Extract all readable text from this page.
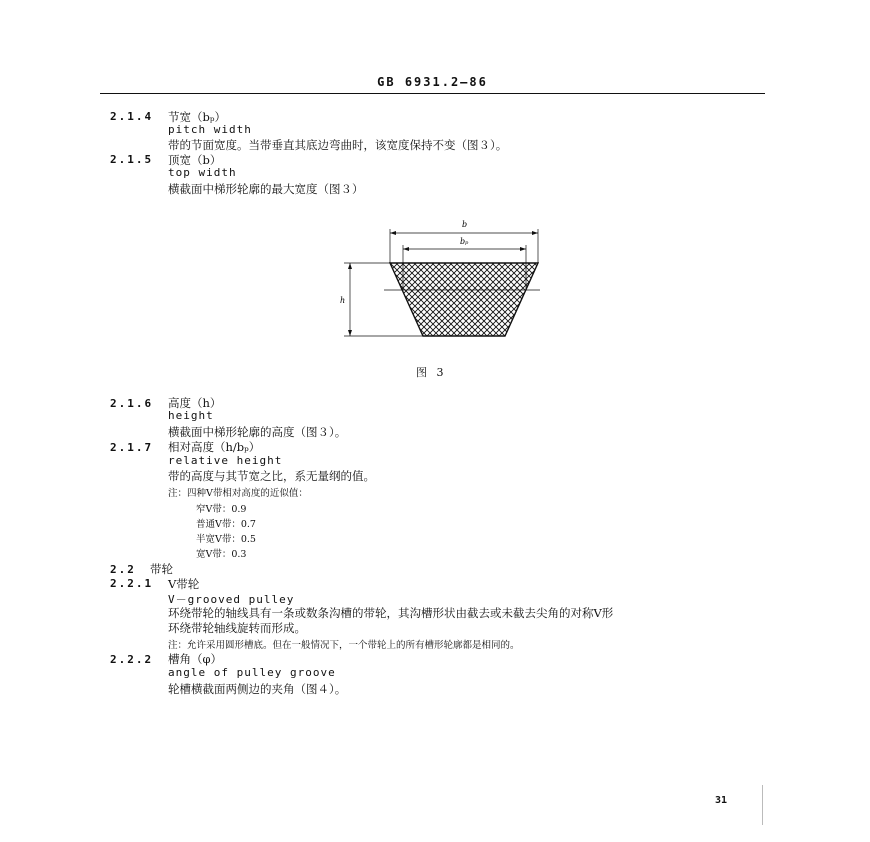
GB 6931.2—86
2.1.4 节宽（bₚ）
pitch width
带的节面宽度。当带垂直其底边弯曲时，该宽度保持不变（图３）。
2.1.5 顶宽（b）
top width
横截面中梯形轮廓的最大宽度（图３）
b
bₚ
h
图 3
2.1.6 高度（h）
height
横截面中梯形轮廓的高度（图３）。
2.1.7 相对高度（h/bₚ）
relative height
带的高度与其节宽之比，系无量纲的值。
注：四种V带相对高度的近似值：
窄V带：0.9
普通V带：0.7
半宽V带：0.5
宽V带：0.3
2.2 带轮
2.2.1 V带轮
V－grooved pulley
环绕带轮的轴线具有一条或数条沟槽的带轮，其沟槽形状由截去或未截去尖角的对称V形
环绕带轮轴线旋转而形成。
注：允许采用圆形槽底。但在一般情况下，一个带轮上的所有槽形轮廓都是相同的。
2.2.2 槽角（φ）
angle of pulley groove
轮槽横截面两侧边的夹角（图４）。
31
